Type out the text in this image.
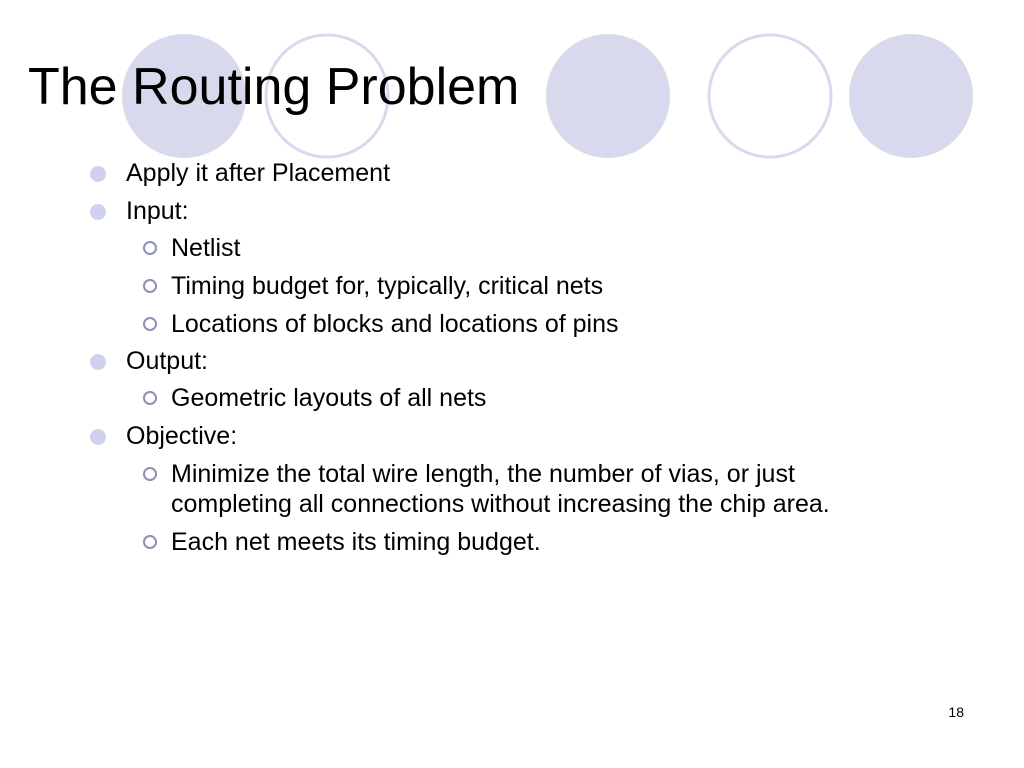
The Routing Problem
Apply it after Placement
Input:
Netlist
Timing budget for, typically, critical nets
Locations of blocks and locations of pins
Output:
Geometric layouts of all nets
Objective:
Minimize the total wire length, the number of vias, or just
completing all connections without increasing the chip area.
Each net meets its timing budget.
18
